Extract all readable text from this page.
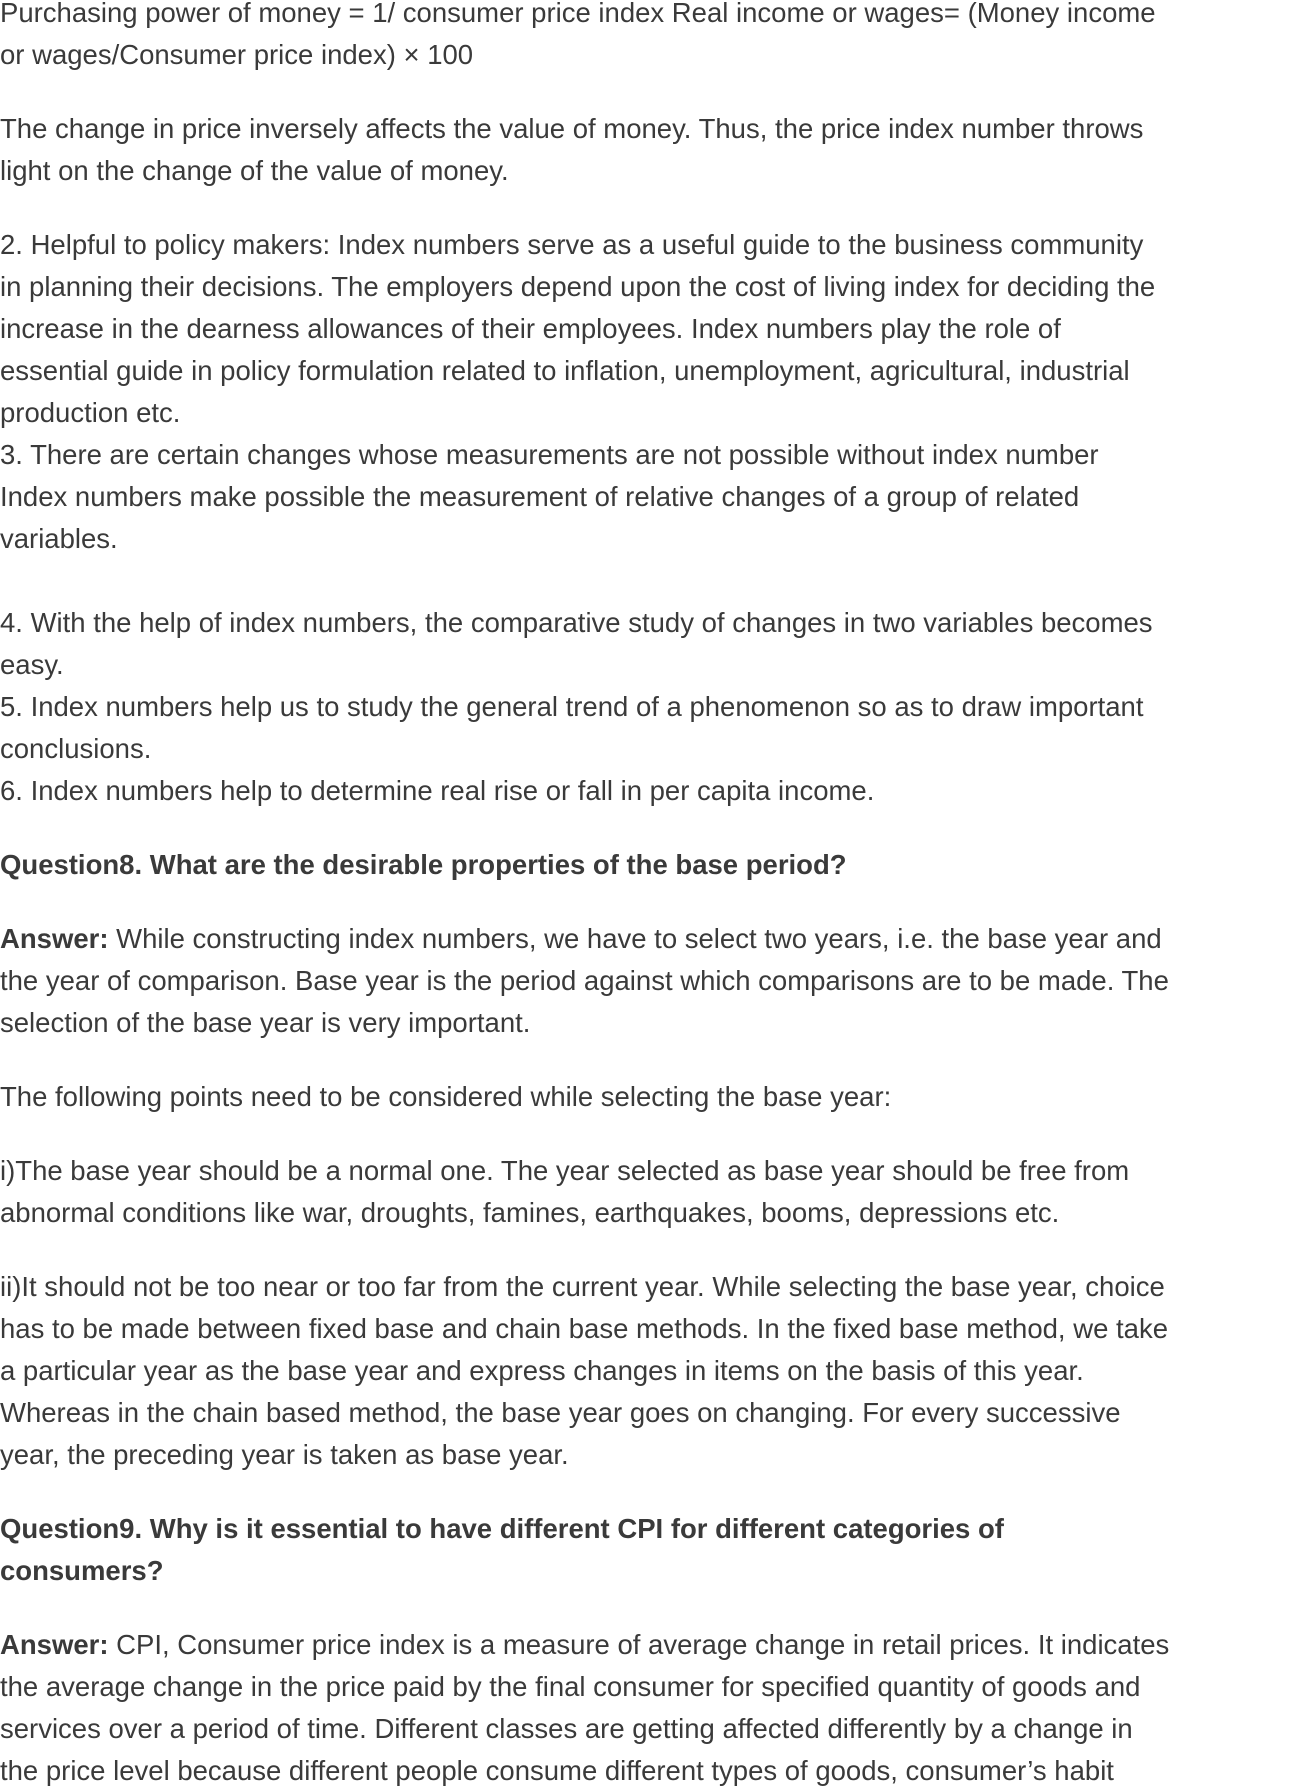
Purchasing power of money = 1/ consumer price index Real income or wages= (Money income
or wages/Consumer price index) × 100
The change in price inversely affects the value of money. Thus, the price index number throws
light on the change of the value of money.
2. Helpful to policy makers: Index numbers serve as a useful guide to the business community
in planning their decisions. The employers depend upon the cost of living index for deciding the
increase in the dearness allowances of their employees. Index numbers play the role of
essential guide in policy formulation related to inflation, unemployment, agricultural, industrial
production etc.
3. There are certain changes whose measurements are not possible without index number
Index numbers make possible the measurement of relative changes of a group of related
variables.
4. With the help of index numbers, the comparative study of changes in two variables becomes
easy.
5. Index numbers help us to study the general trend of a phenomenon so as to draw important
conclusions.
6. Index numbers help to determine real rise or fall in per capita income.
Question8. What are the desirable properties of the base period?
Answer: While constructing index numbers, we have to select two years, i.e. the base year and
the year of comparison. Base year is the period against which comparisons are to be made. The
selection of the base year is very important.
The following points need to be considered while selecting the base year:
i)The base year should be a normal one. The year selected as base year should be free from
abnormal conditions like war, droughts, famines, earthquakes, booms, depressions etc.
ii)It should not be too near or too far from the current year. While selecting the base year, choice
has to be made between fixed base and chain base methods. In the fixed base method, we take
a particular year as the base year and express changes in items on the basis of this year.
Whereas in the chain based method, the base year goes on changing. For every successive
year, the preceding year is taken as base year.
Question9. Why is it essential to have different CPI for different categories of
consumers?
Answer: CPI, Consumer price index is a measure of average change in retail prices. It indicates
the average change in the price paid by the final consumer for specified quantity of goods and
services over a period of time. Different classes are getting affected differently by a change in
the price level because different people consume different types of goods, consumer’s habit
